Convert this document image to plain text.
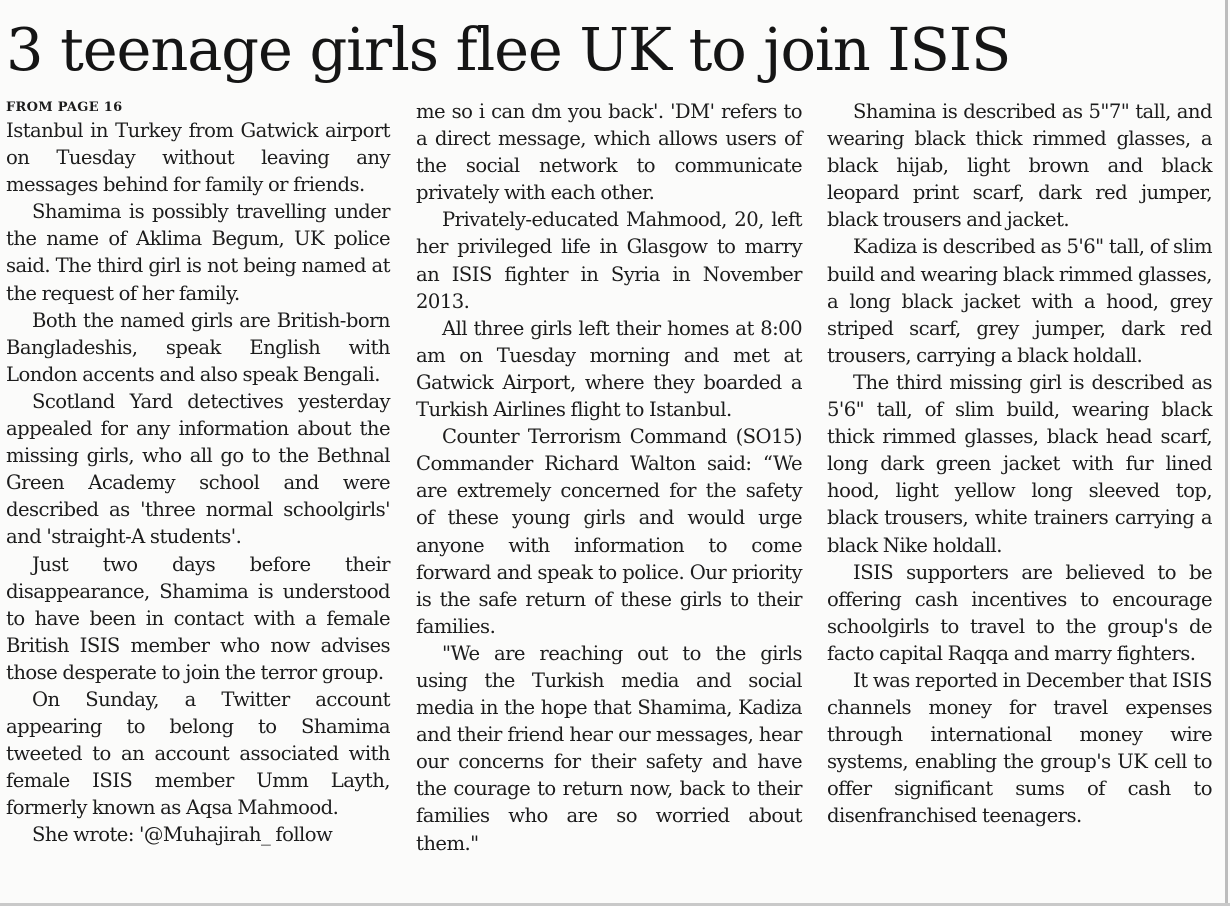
3 teenage girls flee UK to join ISIS
FROM PAGE 16
Istanbul in Turkey from Gatwick airport on Tuesday without leaving any messages behind for family or friends.
Shamima is possibly travelling under the name of Aklima Begum, UK police said. The third girl is not being named at the request of her family.
Both the named girls are British-born Bangladeshis, speak English with London accents and also speak Bengali.
Scotland Yard detectives yesterday appealed for any information about the missing girls, who all go to the Bethnal Green Academy school and were described as 'three normal schoolgirls' and 'straight-A students'.
Just two days before their disappearance, Shamima is understood to have been in contact with a female British ISIS member who now advises those desperate to join the terror group.
On Sunday, a Twitter account appearing to belong to Shamima tweeted to an account associated with female ISIS member Umm Layth, formerly known as Aqsa Mahmood.
She wrote: '@Muhajirah_ follow
me so i can dm you back'. 'DM' refers to a direct message, which allows users of the social network to communicate privately with each other.
Privately-educated Mahmood, 20, left her privileged life in Glasgow to marry an ISIS fighter in Syria in November 2013.
All three girls left their homes at 8:00 am on Tuesday morning and met at Gatwick Airport, where they boarded a Turkish Airlines flight to Istanbul.
Counter Terrorism Command (SO15) Commander Richard Walton said: “We are extremely concerned for the safety of these young girls and would urge anyone with information to come forward and speak to police. Our priority is the safe return of these girls to their families.
"We are reaching out to the girls using the Turkish media and social media in the hope that Shamima, Kadiza and their friend hear our messages, hear our concerns for their safety and have the courage to return now, back to their families who are so worried about them."
Shamina is described as 5"7" tall, and wearing black thick rimmed glasses, a black hijab, light brown and black leopard print scarf, dark red jumper, black trousers and jacket.
Kadiza is described as 5'6" tall, of slim build and wearing black rimmed glasses, a long black jacket with a hood, grey striped scarf, grey jumper, dark red trousers, carrying a black holdall.
The third missing girl is described as 5'6" tall, of slim build, wearing black thick rimmed glasses, black head scarf, long dark green jacket with fur lined hood, light yellow long sleeved top, black trousers, white trainers carrying a black Nike holdall.
ISIS supporters are believed to be offering cash incentives to encourage schoolgirls to travel to the group's de facto capital Raqqa and marry fighters.
It was reported in December that ISIS channels money for travel expenses through international money wire systems, enabling the group's UK cell to offer significant sums of cash to disenfranchised teenagers.
